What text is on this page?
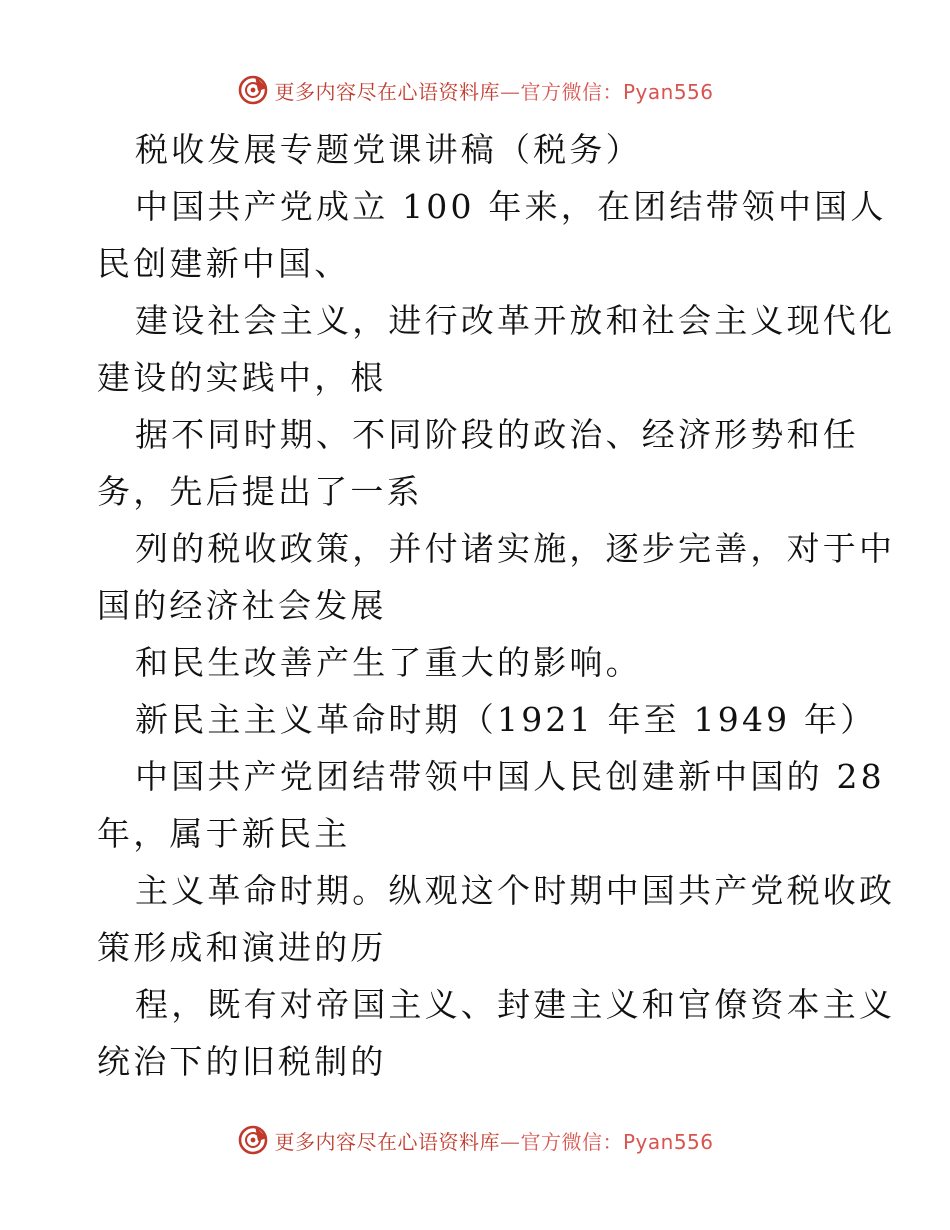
更多内容尽在心语资料库—官方微信：Pyan556
税收发展专题党课讲稿（税务）
中国共产党成立 100 年来，在团结带领中国人
民创建新中国、
建设社会主义，进行改革开放和社会主义现代化
建设的实践中，根
据不同时期、不同阶段的政治、经济形势和任
务，先后提出了一系
列的税收政策，并付诸实施，逐步完善，对于中
国的经济社会发展
和民生改善产生了重大的影响。
新民主主义革命时期（1921 年至 1949 年）
中国共产党团结带领中国人民创建新中国的 28
年，属于新民主
主义革命时期。纵观这个时期中国共产党税收政
策形成和演进的历
程，既有对帝国主义、封建主义和官僚资本主义
统治下的旧税制的
更多内容尽在心语资料库—官方微信：Pyan556
